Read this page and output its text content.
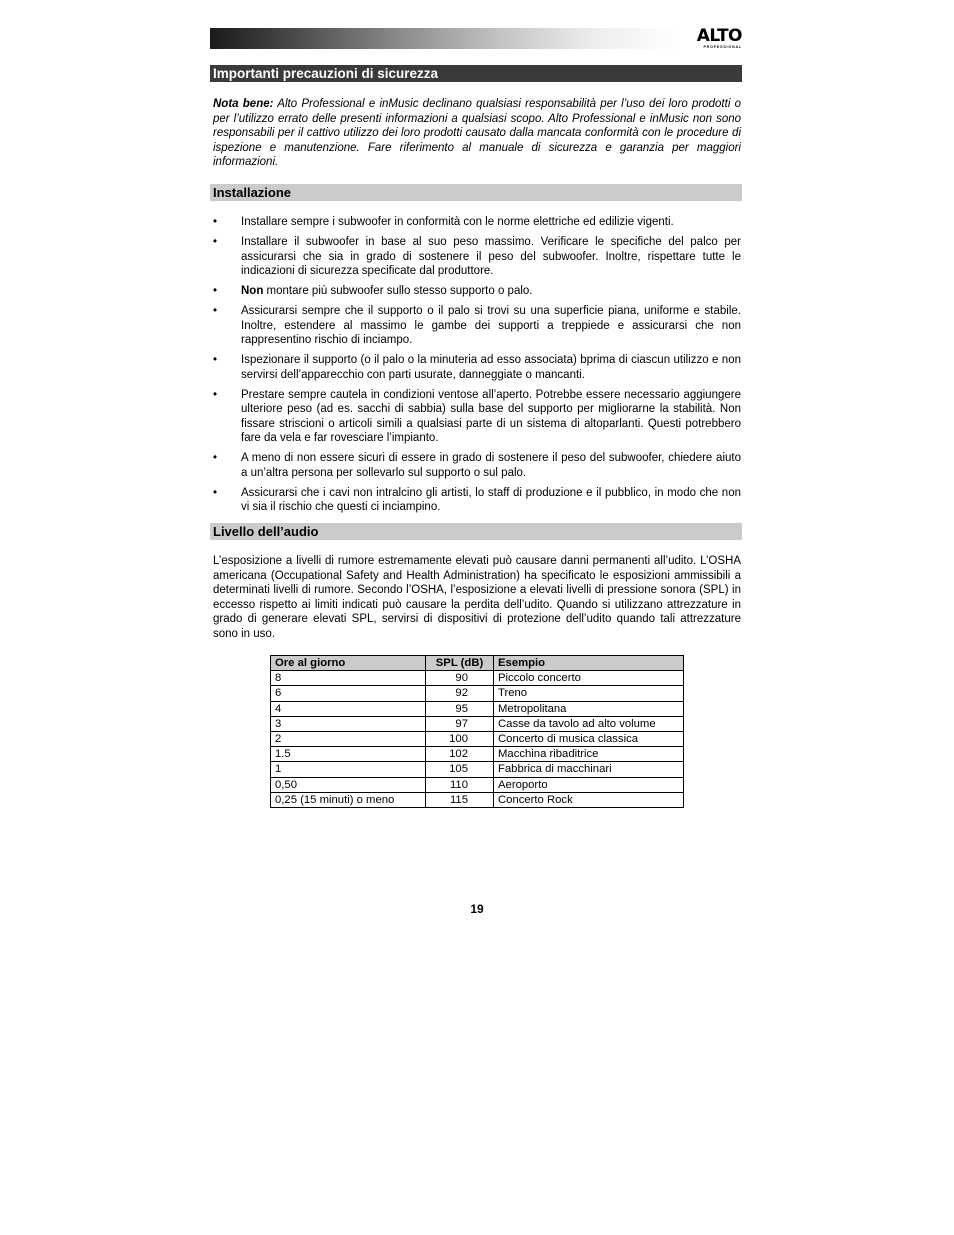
ALTO
PROFESSIONAL
Importanti precauzioni di sicurezza

Nota bene: Alto Professional e inMusic declinano qualsiasi responsabilità per l’uso dei loro prodotti o per l’utilizzo errato delle presenti informazioni a qualsiasi scopo. Alto Professional e inMusic non sono responsabili per il cattivo utilizzo dei loro prodotti causato dalla mancata conformità con le procedure di ispezione e manutenzione. Fare riferimento al manuale di sicurezza e garanzia per maggiori informazioni.

Installazione
• Installare sempre i subwoofer in conformità con le norme elettriche ed edilizie vigenti.
• Installare il subwoofer in base al suo peso massimo. Verificare le specifiche del palco per assicurarsi che sia in grado di sostenere il peso del subwoofer. Inoltre, rispettare tutte le indicazioni di sicurezza specificate dal produttore.
• Non montare più subwoofer sullo stesso supporto o palo.
• Assicurarsi sempre che il supporto o il palo si trovi su una superficie piana, uniforme e stabile. Inoltre, estendere al massimo le gambe dei supporti a treppiede e assicurarsi che non rappresentino rischio di inciampo.
• Ispezionare il supporto (o il palo o la minuteria ad esso associata) bprima di ciascun utilizzo e non servirsi dell’apparecchio con parti usurate, danneggiate o mancanti.
• Prestare sempre cautela in condizioni ventose all’aperto. Potrebbe essere necessario aggiungere ulteriore peso (ad es. sacchi di sabbia) sulla base del supporto per migliorarne la stabilità. Non fissare striscioni o articoli simili a qualsiasi parte di un sistema di altoparlanti. Questi potrebbero fare da vela e far rovesciare l’impianto.
• A meno di non essere sicuri di essere in grado di sostenere il peso del subwoofer, chiedere aiuto a un’altra persona per sollevarlo sul supporto o sul palo.
• Assicurarsi che i cavi non intralcino gli artisti, lo staff di produzione e il pubblico, in modo che non vi sia il rischio che questi ci inciampino.
Livello dell’audio

L’esposizione a livelli di rumore estremamente elevati può causare danni permanenti all’udito. L’OSHA americana (Occupational Safety and Health Administration) ha specificato le esposizioni ammissibili a determinati livelli di rumore. Secondo l’OSHA, l’esposizione a elevati livelli di pressione sonora (SPL) in eccesso rispetto ai limiti indicati può causare la perdita dell’udito. Quando si utilizzano attrezzature in grado di generare elevati SPL, servirsi di dispositivi di protezione dell’udito quando tali attrezzature sono in uso.

Ore al giorno	SPL (dB)	Esempio
8	90	Piccolo concerto
6	92	Treno
4	95	Metropolitana
3	97	Casse da tavolo ad alto volume
2	100	Concerto di musica classica
1.5	102	Macchina ribaditrice
1	105	Fabbrica di macchinari
0,50	110	Aeroporto
0,25 (15 minuti) o meno	115	Concerto Rock
19
